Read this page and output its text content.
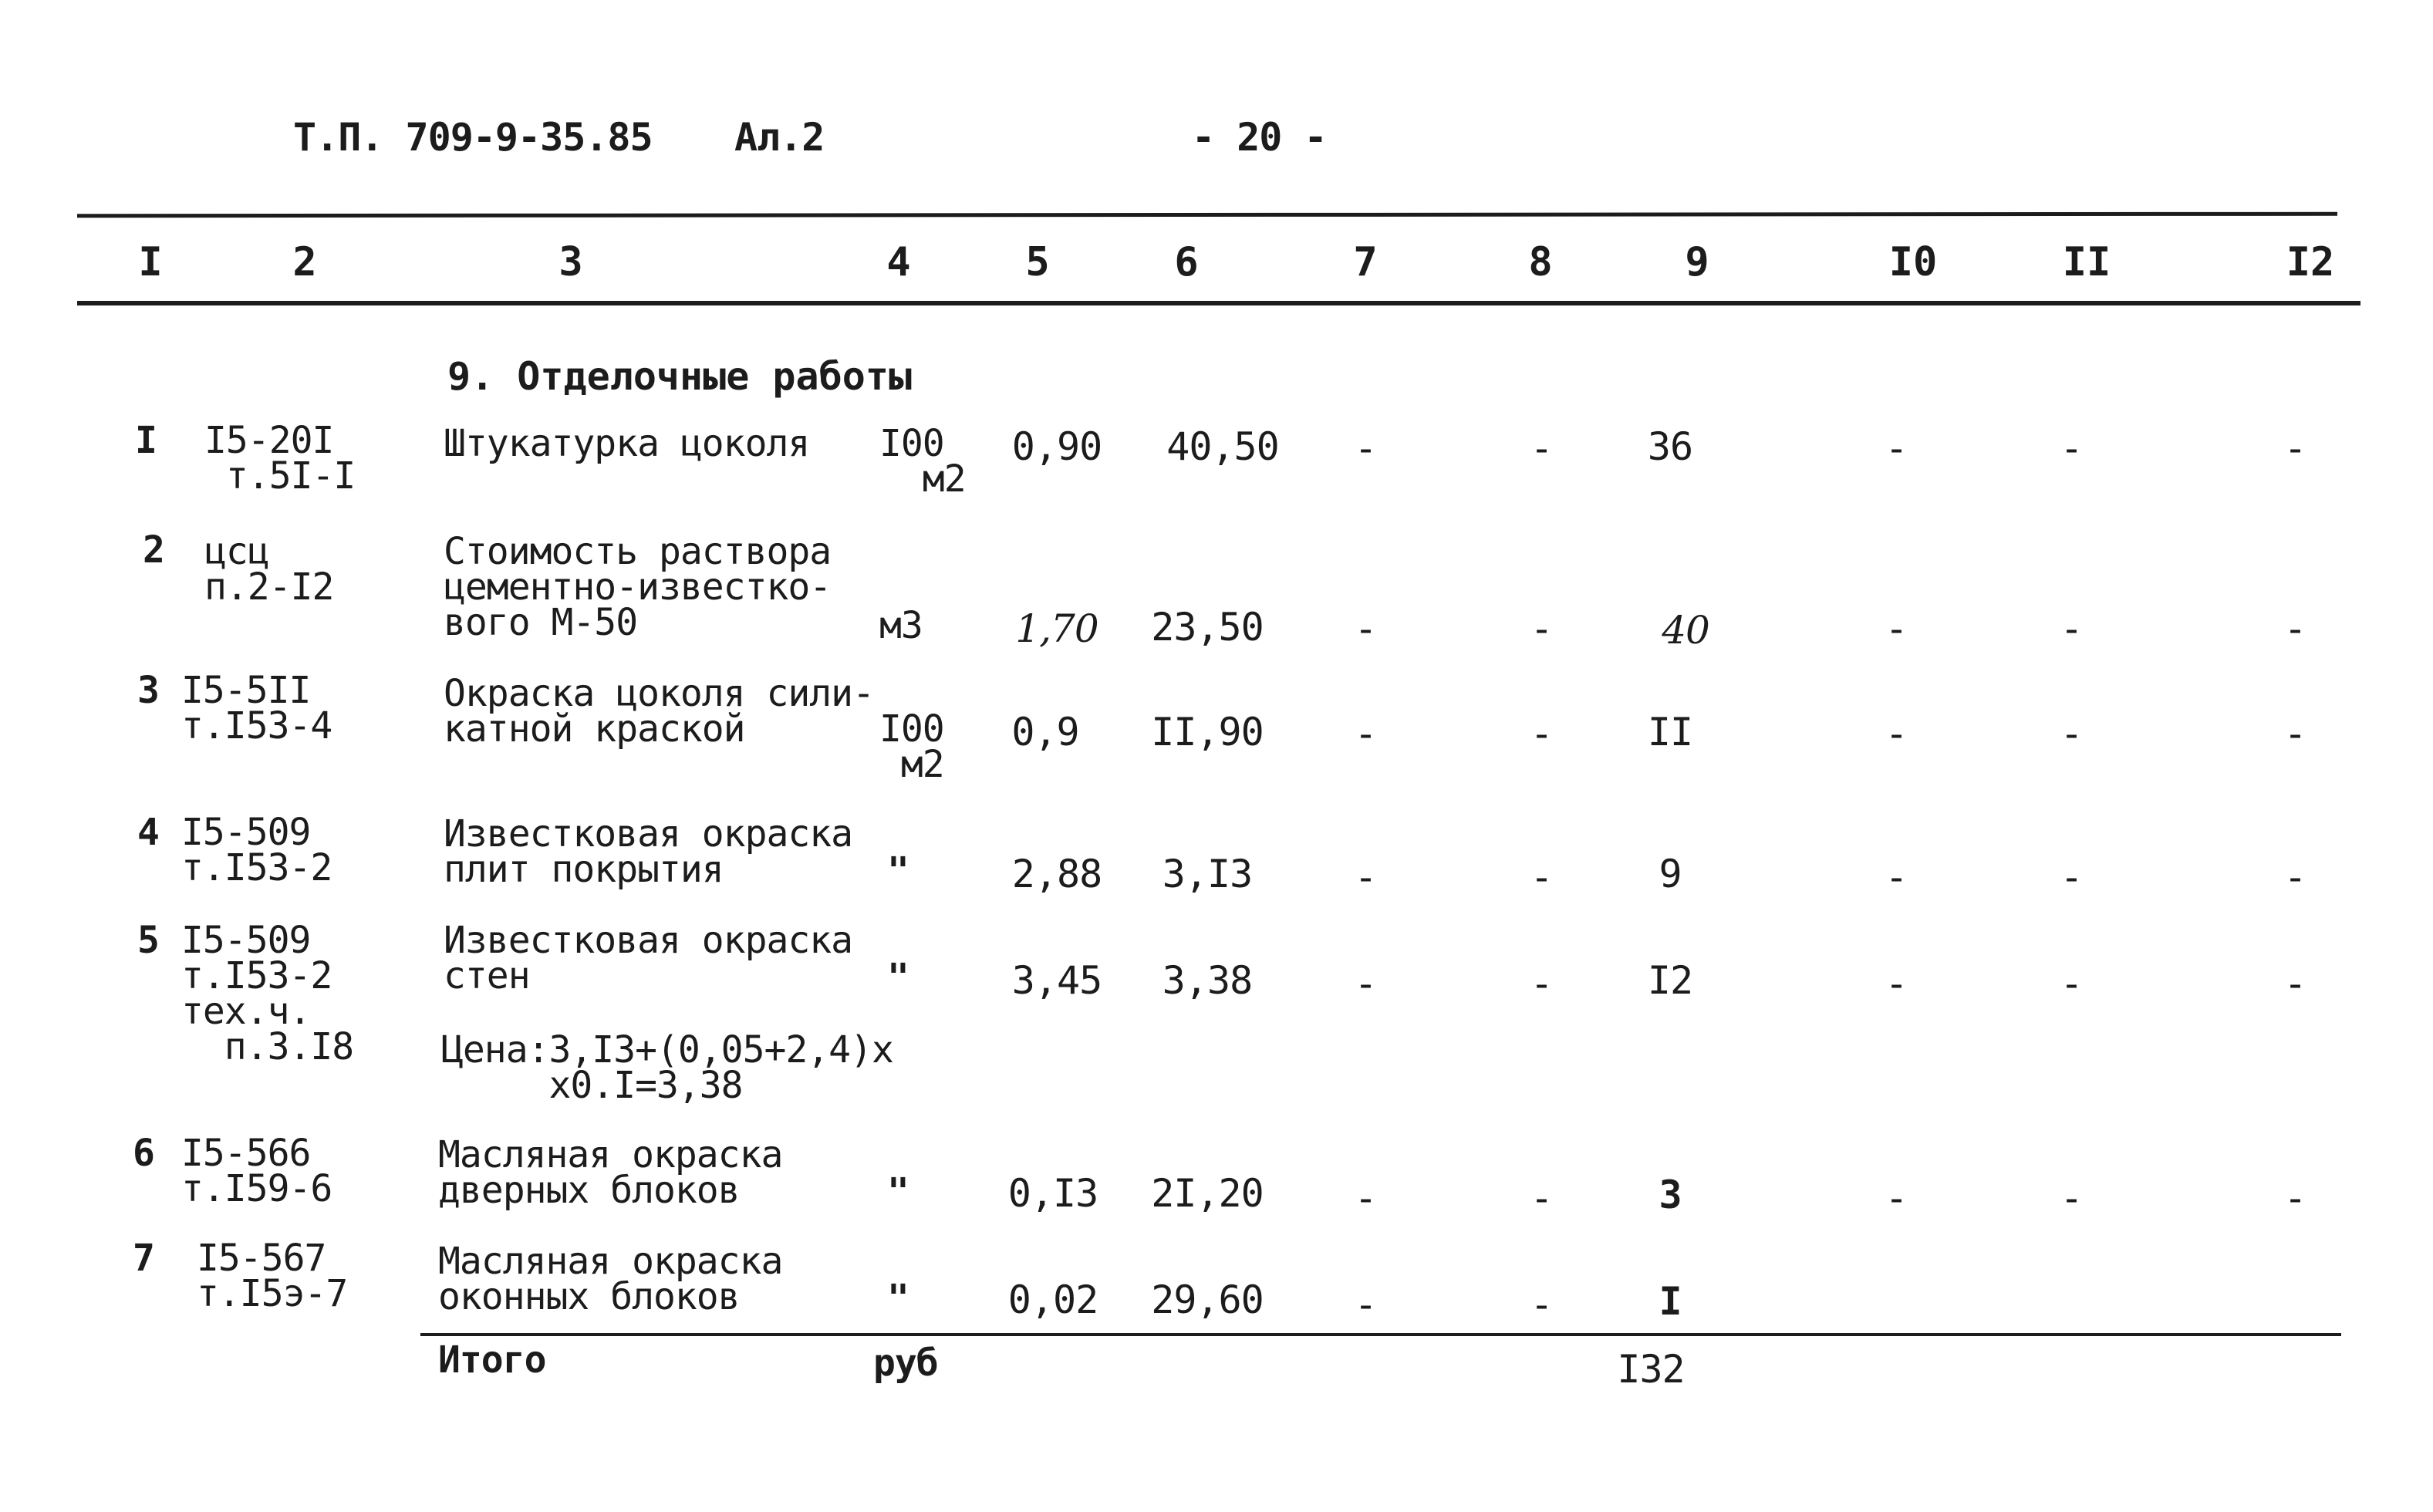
Т.П. 709-9-35.85 Ал.2	- 20 -
I	2	3	4	5	6	7	8	9	I0	II	I2
9. Отделочные работы
I I5-20I
т.5I-I
Штукатурка цоколя I00
м2
0,90	40,50	-	-	36	-	-	-
2 цсц
п.2-I2
Стоимость раствора
цементно-известко-
вого М-50	м3	1,70	23,50	-	-	40	-	-	-
3 I5-5II
т.I53-4
Окраска цоколя сили-
катной краской	I00
м2
0,9	II,90	-	-	II	-	-	-
4 I5-509
т.I53-2
Известковая окраска
плит покрытия	"	2,88	3,I3	-	-	9	-	-	-
5 I5-509
т.I53-2
тех.ч.
п.3.I8
Известковая окраска
стен	"	3,45	3,38	-	-	I2	-	-	-
Цена:3,I3+(0,05+2,4)x
x0.I=3,38
6 I5-566
т.I59-6
Масляная окраска
дверных блоков	"	0,I3	2I,20	-	-	3	-	-	-
7 I5-567
т.I5э-7
Масляная окраска
оконных блоков	"	0,02	29,60	-	-	I
Итого	руб	I32
